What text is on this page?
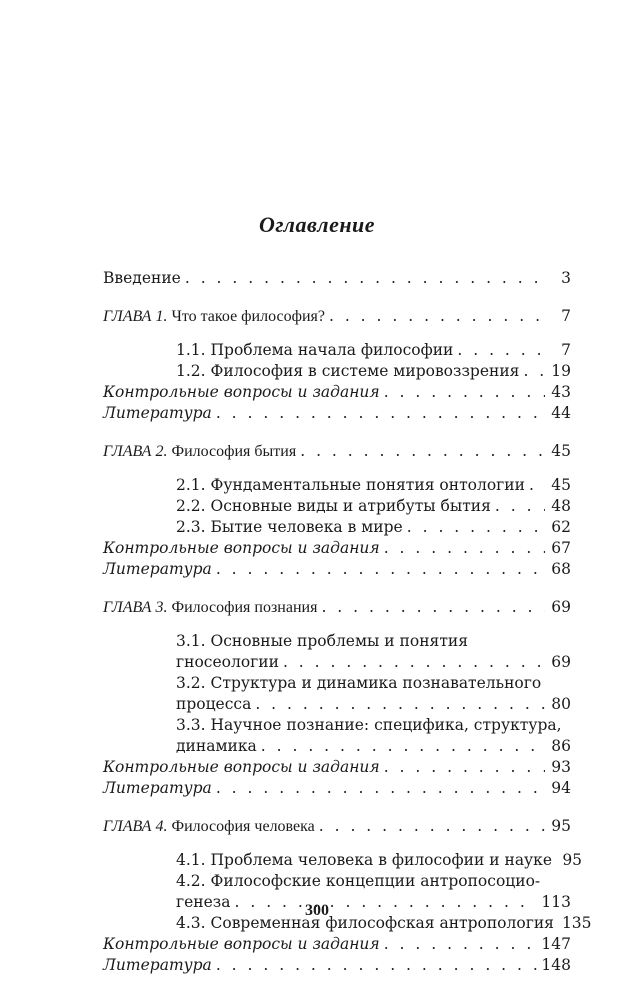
Оглавление
Введение . . .	3
ГЛАВА 1. Что такое философия? . . .	7
1.1. Проблема начала философии . . .	7
1.2. Философия в системе мировоззрения . . . 19
Контрольные вопросы и задания . . .	43
Литература . . .	44
ГЛАВА 2. Философия бытия . . .	45
2.1. Фундаментальные понятия онтологии . . . 45
2.2. Основные виды и атрибуты бытия . . .	48
2.3. Бытие человека в мире . . .	62
Контрольные вопросы и задания . . .	67
Литература . . .	68
ГЛАВА 3. Философия познания . . .	69
3.1. Основные проблемы и понятия
гносеологии . . .	69
3.2. Структура и динамика познавательного
процесса . . .	80
3.3. Научное познание: специфика, структура,
динамика . . .	86
Контрольные вопросы и задания . . .	93
Литература . . .	94
ГЛАВА 4. Философия человека . . .	95
4.1. Проблема человека в философии и науке 95
4.2. Философские концепции антропосоцио-
генеза . . .	113
4.3. Современная философская антропология 135
Контрольные вопросы и задания . . .	147
Литература . . .	148
300
